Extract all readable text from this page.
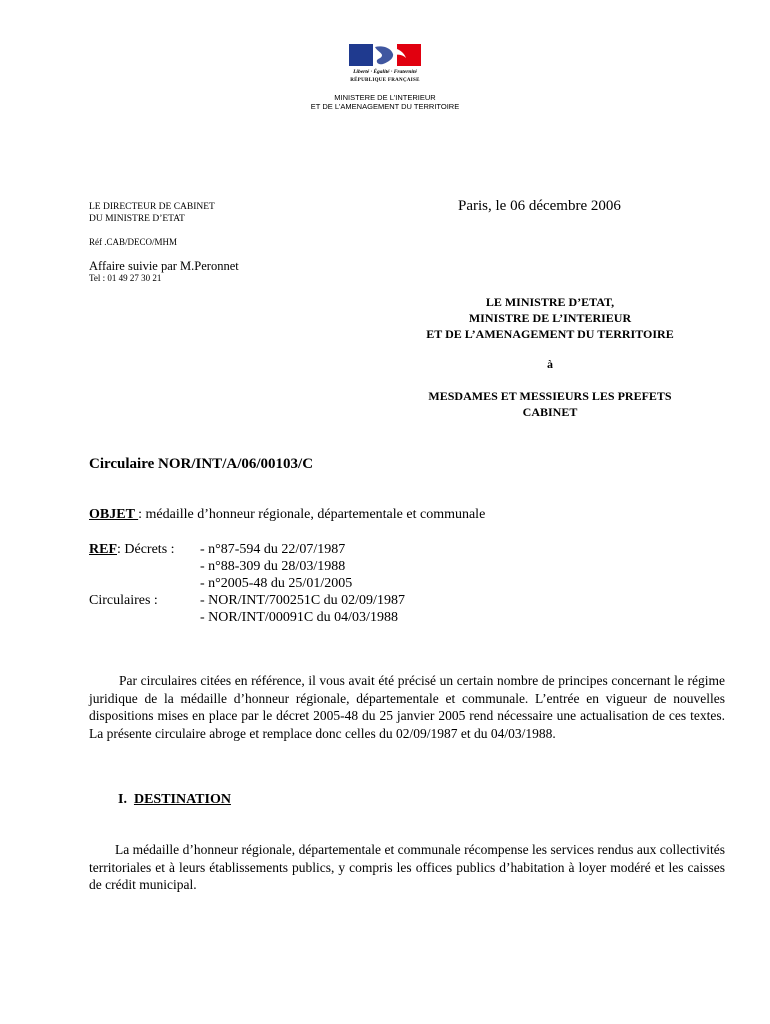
Liberté · Égalité · Fraternité
RÉPUBLIQUE FRANÇAISE
MINISTERE DE L'INTERIEUR
ET DE L'AMENAGEMENT DU TERRITOIRE
LE DIRECTEUR DE CABINET
DU MINISTRE D’ETAT
Réf .CAB/DECO/MHM
Affaire suivie par M.Peronnet
Tel : 01 49 27 30 21
Paris, le 06 décembre 2006
LE MINISTRE D’ETAT,
MINISTRE DE L’INTERIEUR
ET DE L’AMENAGEMENT DU TERRITOIRE
à
MESDAMES ET MESSIEURS LES PREFETS
CABINET
Circulaire NOR/INT/A/06/00103/C
OBJET : médaille d’honneur régionale, départementale et communale
REF: Décrets : - n°87-594 du 22/07/1987
- n°88-309 du 28/03/1988
- n°2005-48 du 25/01/2005
Circulaires :	- NOR/INT/700251C du 02/09/1987
- NOR/INT/00091C du 04/03/1988

Par circulaires citées en référence, il vous avait été précisé un certain nombre de principes concernant le régime juridique de la médaille d’honneur régionale, départementale et communale. L’entrée en vigueur de nouvelles dispositions mises en place par le décret 2005-48 du 25 janvier 2005 rend nécessaire une actualisation de ces textes. La présente circulaire abroge et remplace donc celles du 02/09/1987 et du 04/03/1988.

I. DESTINATION

La médaille d’honneur régionale, départementale et communale récompense les services rendus aux collectivités territoriales et à leurs établissements publics, y compris les offices publics d’habitation à loyer modéré et les caisses de crédit municipal.
